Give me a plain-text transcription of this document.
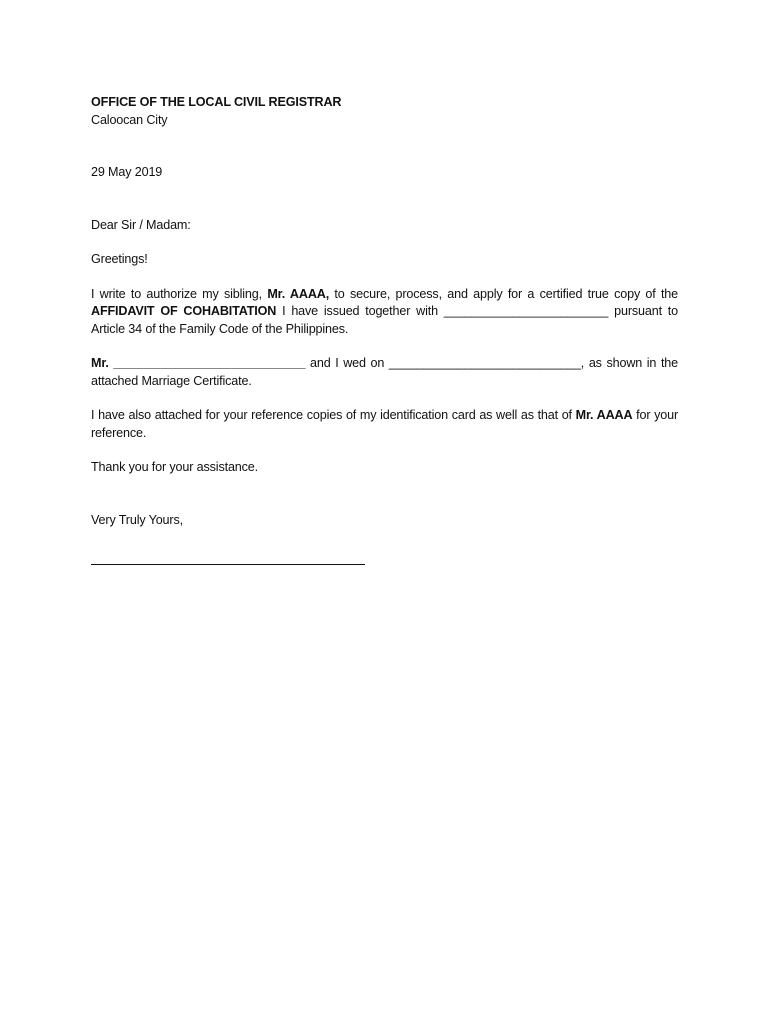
OFFICE OF THE LOCAL CIVIL REGISTRAR

Caloocan City

29 May 2019

Dear Sir / Madam:

Greetings!

I write to authorize my sibling, Mr. AAAA, to secure, process, and apply for a certified true copy of the AFFIDAVIT OF COHABITATION I have issued together with ________________________ pursuant to Article 34 of the Family Code of the Philippines.

Mr. ____________________________ and I wed on ____________________________, as shown in the attached Marriage Certificate.

I have also attached for your reference copies of my identification card as well as that of Mr. AAAA for your reference.

Thank you for your assistance.

Very Truly Yours,
